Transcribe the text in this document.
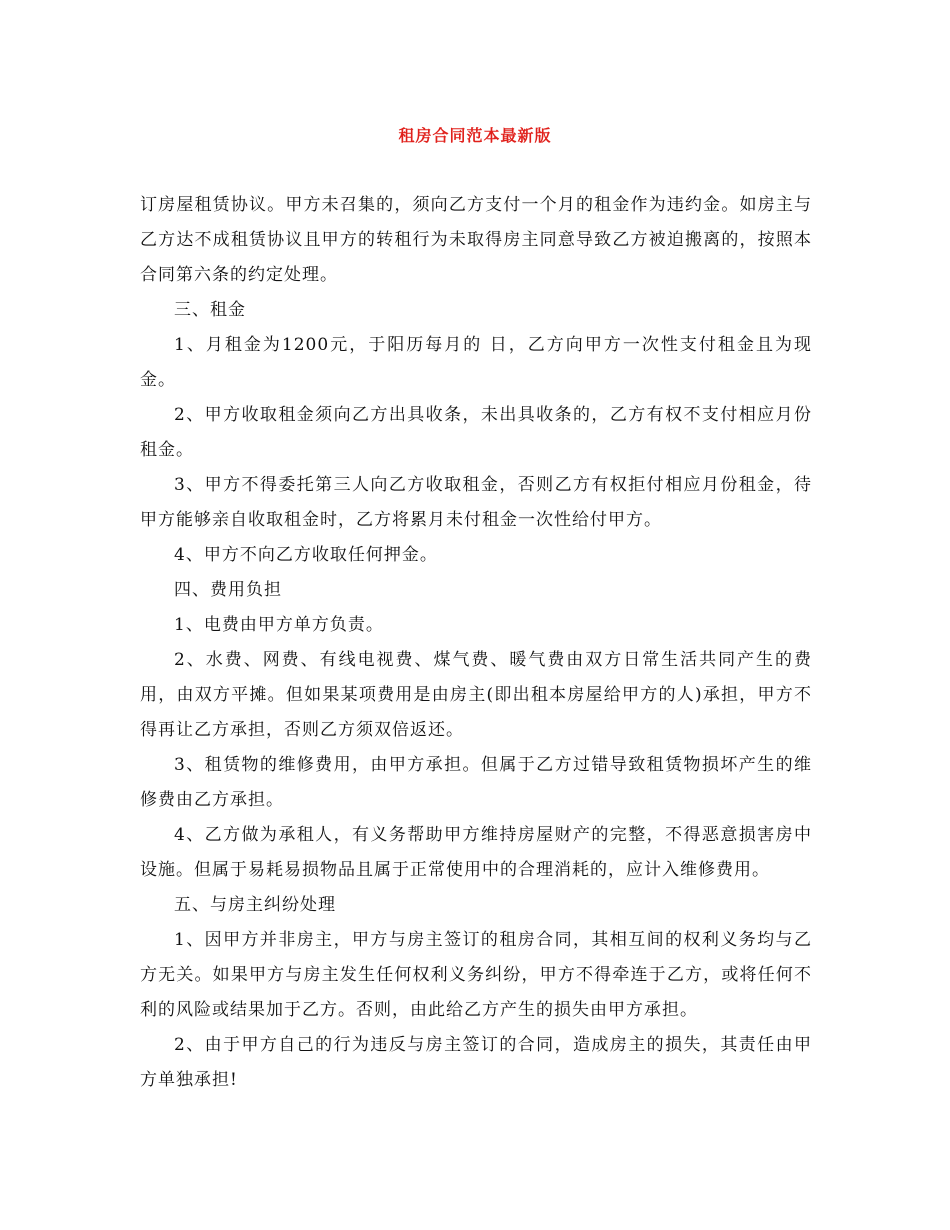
租房合同范本最新版

订房屋租赁协议。甲方未召集的，须向乙方支付一个月的租金作为违约金。如房主与乙方达不成租赁协议且甲方的转租行为未取得房主同意导致乙方被迫搬离的，按照本合同第六条的约定处理。

三、租金

1、月租金为1200元，于阳历每月的 日，乙方向甲方一次性支付租金且为现金。

2、甲方收取租金须向乙方出具收条，未出具收条的，乙方有权不支付相应月份租金。

3、甲方不得委托第三人向乙方收取租金，否则乙方有权拒付相应月份租金，待甲方能够亲自收取租金时，乙方将累月未付租金一次性给付甲方。

4、甲方不向乙方收取任何押金。

四、费用负担

1、电费由甲方单方负责。

2、水费、网费、有线电视费、煤气费、暖气费由双方日常生活共同产生的费用，由双方平摊。但如果某项费用是由房主(即出租本房屋给甲方的人)承担，甲方不得再让乙方承担，否则乙方须双倍返还。

3、租赁物的维修费用，由甲方承担。但属于乙方过错导致租赁物损坏产生的维修费由乙方承担。

4、乙方做为承租人，有义务帮助甲方维持房屋财产的完整，不得恶意损害房中设施。但属于易耗易损物品且属于正常使用中的合理消耗的，应计入维修费用。

五、与房主纠纷处理

1、因甲方并非房主，甲方与房主签订的租房合同，其相互间的权利义务均与乙方无关。如果甲方与房主发生任何权利义务纠纷，甲方不得牵连于乙方，或将任何不利的风险或结果加于乙方。否则，由此给乙方产生的损失由甲方承担。

2、由于甲方自己的行为违反与房主签订的合同，造成房主的损失，其责任由甲方单独承担!
